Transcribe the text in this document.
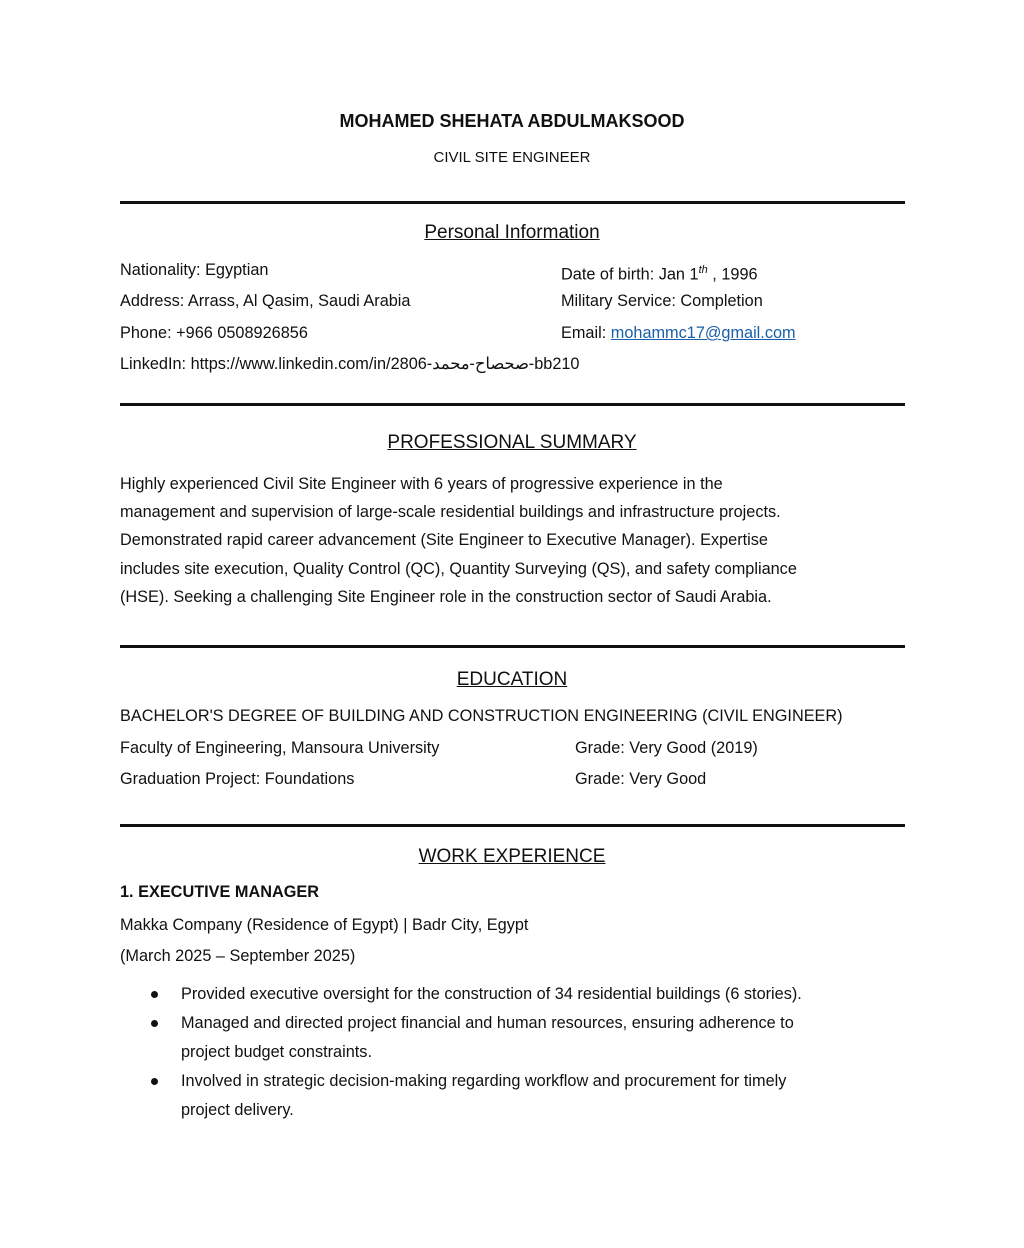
MOHAMED SHEHATA ABDULMAKSOOD
CIVIL SITE ENGINEER
Personal Information
Nationality: Egyptian	Date of birth: Jan 1th , 1996
Address: Arrass, Al Qasim, Saudi Arabia	Military Service: Completion
Phone: +966 0508926856	Email: mohammc17@gmail.com
LinkedIn: https://www.linkedin.com/in/2806-صحصاح-محمد-bb210
PROFESSIONAL SUMMARY
Highly experienced Civil Site Engineer with 6 years of progressive experience in the
management and supervision of large-scale residential buildings and infrastructure projects.
Demonstrated rapid career advancement (Site Engineer to Executive Manager). Expertise
includes site execution, Quality Control (QC), Quantity Surveying (QS), and safety compliance
(HSE). Seeking a challenging Site Engineer role in the construction sector of Saudi Arabia.
EDUCATION
BACHELOR'S DEGREE OF BUILDING AND CONSTRUCTION ENGINEERING (CIVIL ENGINEER)
Faculty of Engineering, Mansoura University	Grade: Very Good (2019)
Graduation Project: Foundations	Grade: Very Good
WORK EXPERIENCE
1. EXECUTIVE MANAGER
Makka Company (Residence of Egypt) | Badr City, Egypt
(March 2025 – September 2025)
Provided executive oversight for the construction of 34 residential buildings (6 stories).
Managed and directed project financial and human resources, ensuring adherence to
project budget constraints.
Involved in strategic decision-making regarding workflow and procurement for timely
project delivery.
